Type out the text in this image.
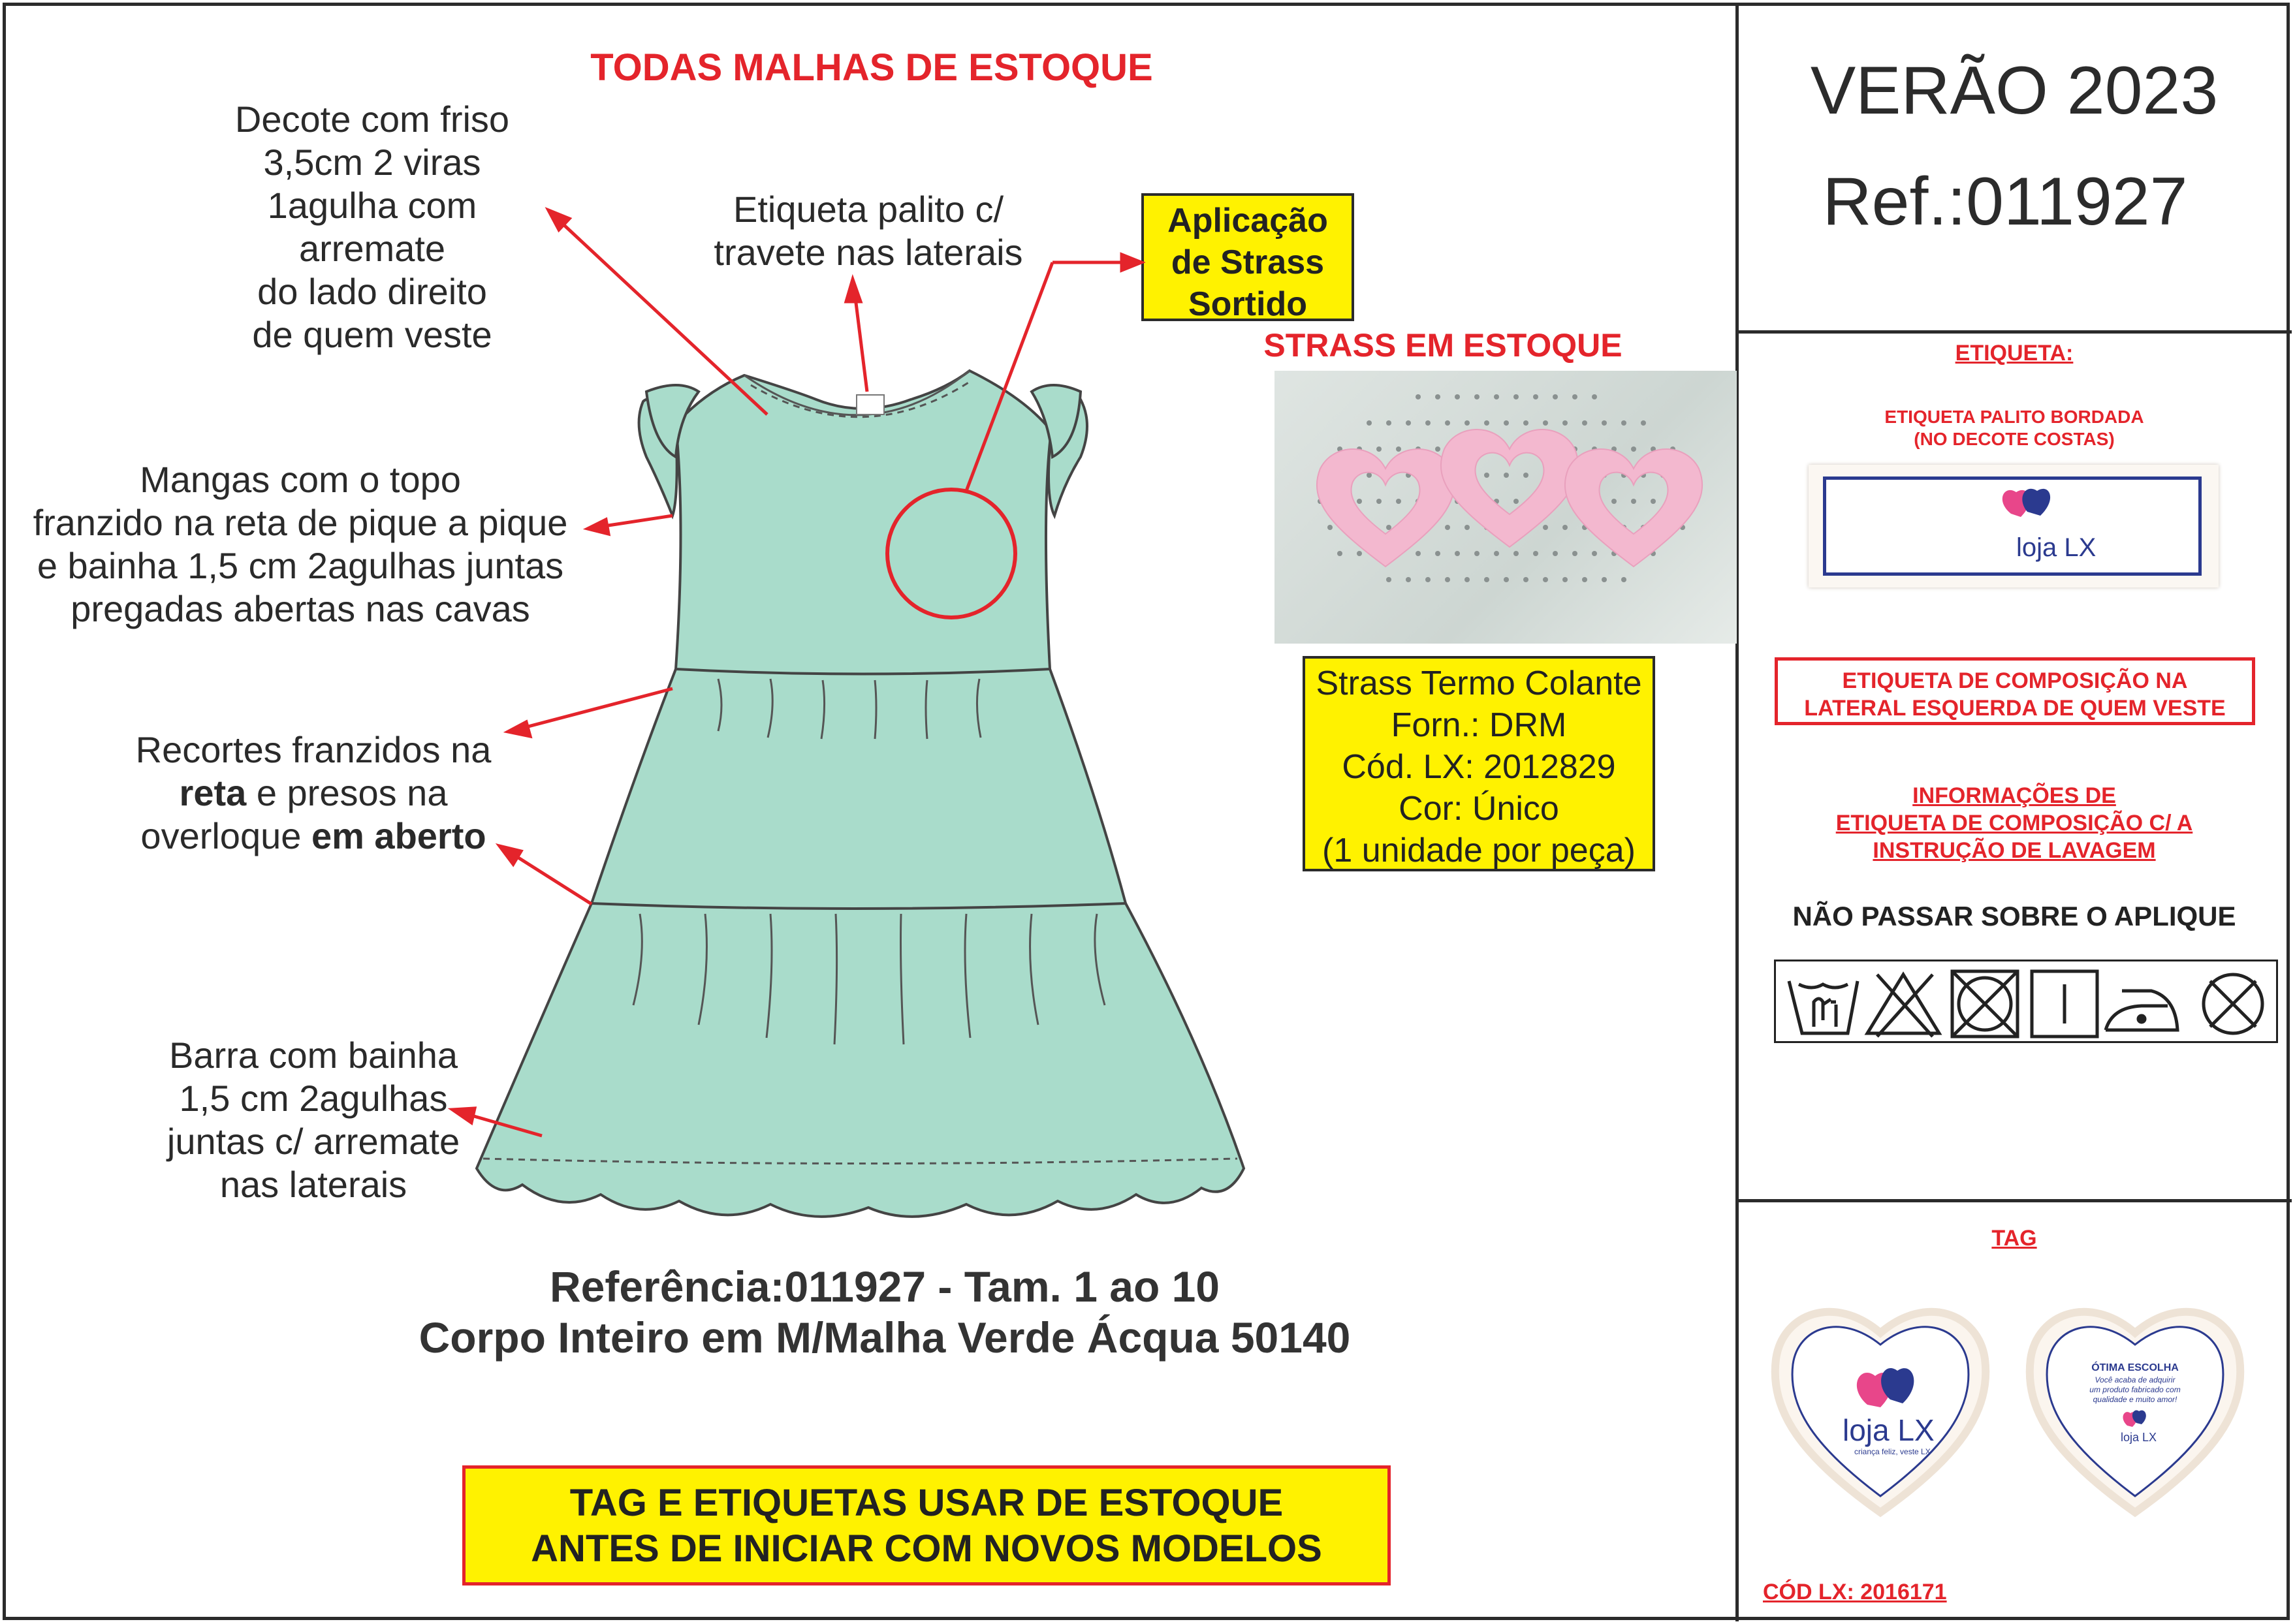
TODAS MALHAS DE ESTOQUE
Decote com friso
3,5cm 2 viras
1agulha com arremate
do lado direito
de quem veste
Etiqueta palito c/
travete nas laterais
Mangas com o topo
franzido na reta de pique a pique
e bainha 1,5 cm 2agulhas juntas
pregadas abertas nas cavas
Recortes franzidos na
reta e presos na
overloque em aberto
Barra com bainha
1,5 cm 2agulhas
juntas c/ arremate
nas laterais
Aplicação
de Strass
Sortido
STRASS EM ESTOQUE
Strass Termo Colante
Forn.: DRM
Cód. LX: 2012829
Cor: Único
(1 unidade por peça)
Referência:011927 - Tam. 1 ao 10
Corpo Inteiro em M/Malha Verde Ácqua 50140
TAG E ETIQUETAS USAR DE ESTOQUE
ANTES DE INICIAR COM NOVOS MODELOS
VERÃO 2023
Ref.:011927
ETIQUETA:
ETIQUETA PALITO BORDADA
(NO DECOTE COSTAS)
loja LX
ETIQUETA DE COMPOSIÇÃO NA
LATERAL ESQUERDA DE QUEM VESTE
INFORMAÇÕES DE
ETIQUETA DE COMPOSIÇÃO C/ A
INSTRUÇÃO DE LAVAGEM
NÃO PASSAR SOBRE O APLIQUE
TAG
loja LX
criança feliz, veste LX
ÓTIMA ESCOLHA
Você acaba de adquirir
um produto fabricado com
qualidade e muito amor!
loja LX
CÓD LX: 2016171
